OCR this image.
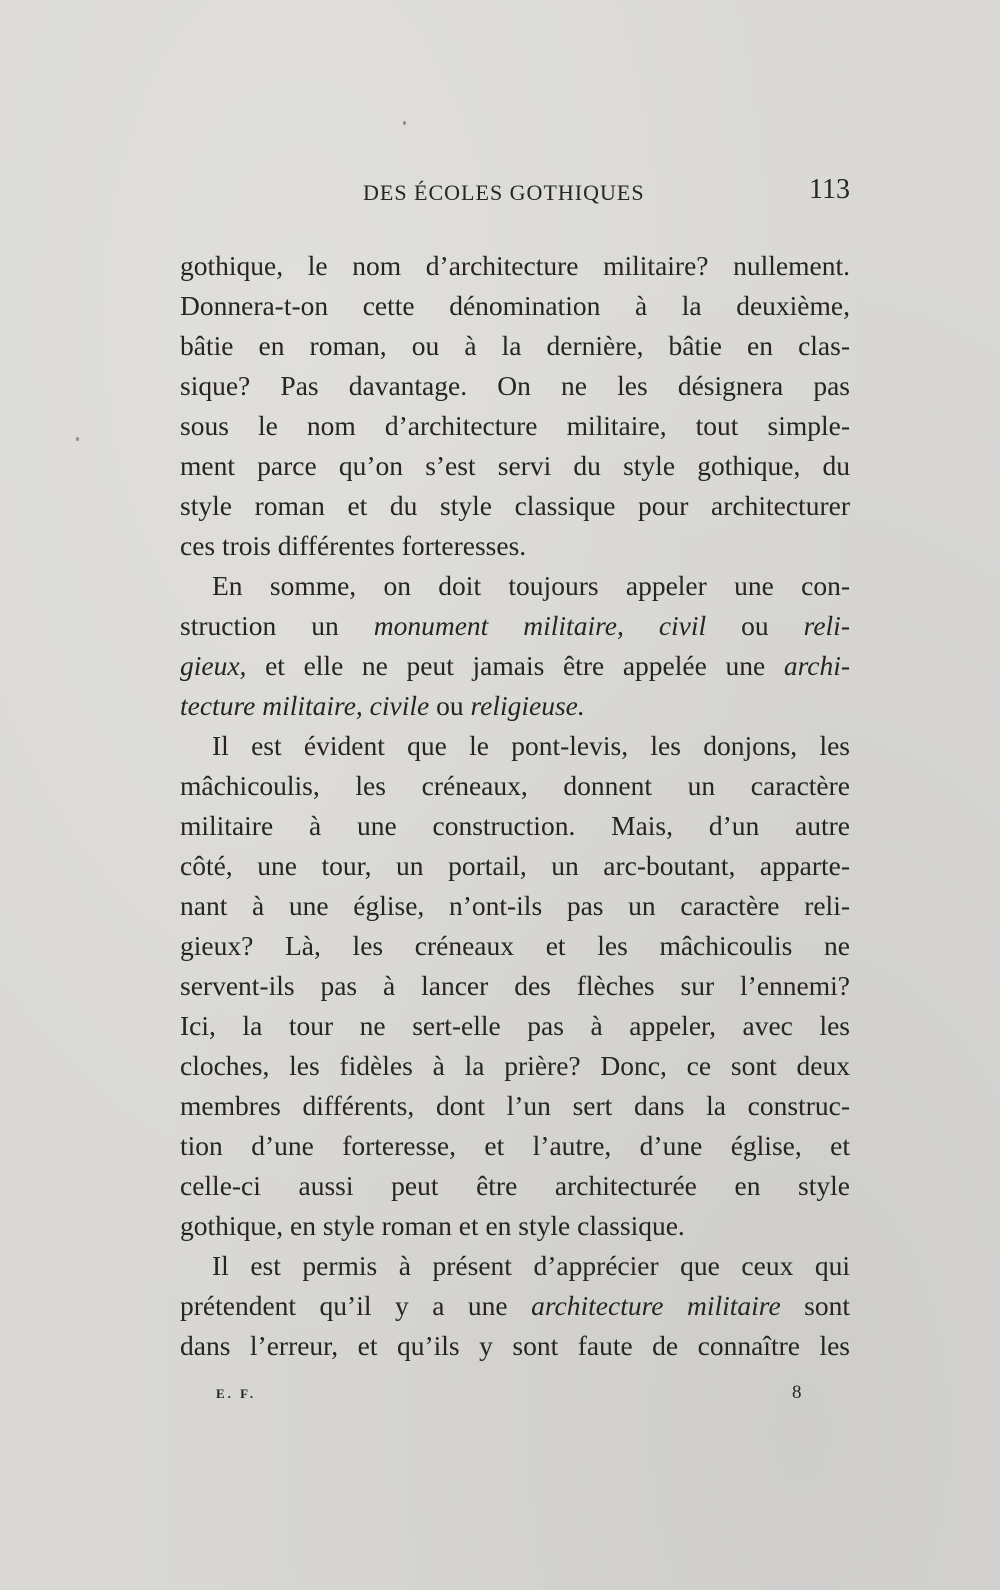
DES ÉCOLES GOTHIQUES	113
gothique, le nom d’architecture militaire? nullement.
Donnera-t-on cette dénomination à la deuxième,
bâtie en roman, ou à la dernière, bâtie en clas-
sique? Pas davantage. On ne les désignera pas
sous le nom d’architecture militaire, tout simple-
ment parce qu’on s’est servi du style gothique, du
style roman et du style classique pour architecturer
ces trois différentes forteresses.
En somme, on doit toujours appeler une con-
struction un monument militaire, civil ou reli-
gieux, et elle ne peut jamais être appelée une archi-
tecture militaire, civile ou religieuse.
Il est évident que le pont-levis, les donjons, les
mâchicoulis, les créneaux, donnent un caractère
militaire à une construction. Mais, d’un autre
côté, une tour, un portail, un arc-boutant, apparte-
nant à une église, n’ont-ils pas un caractère reli-
gieux? Là, les créneaux et les mâchicoulis ne
servent-ils pas à lancer des flèches sur l’ennemi?
Ici, la tour ne sert-elle pas à appeler, avec les
cloches, les fidèles à la prière? Donc, ce sont deux
membres différents, dont l’un sert dans la construc-
tion d’une forteresse, et l’autre, d’une église, et
celle-ci aussi peut être architecturée en style
gothique, en style roman et en style classique.
Il est permis à présent d’apprécier que ceux qui
prétendent qu’il y a une architecture militaire sont
dans l’erreur, et qu’ils y sont faute de connaître les
E. F.	8
